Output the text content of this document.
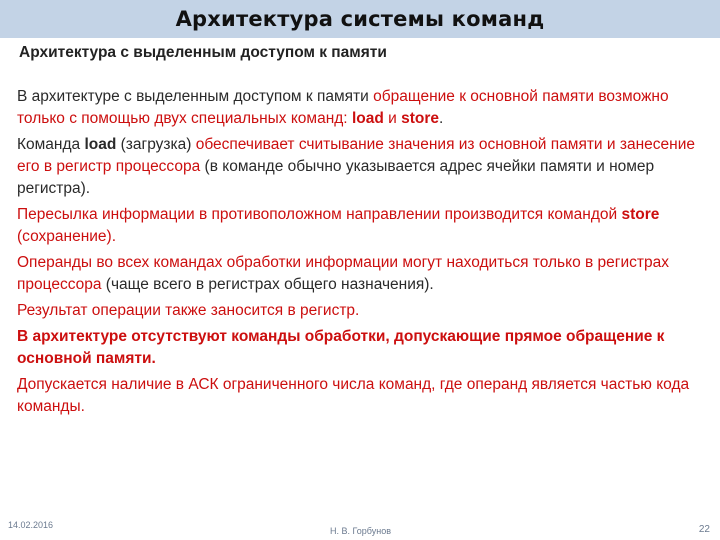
Архитектура системы команд
Архитектура с выделенным доступом к памяти

В архитектуре с выделенным доступом к памяти обращение к основной памяти возможно только с помощью двух специальных команд: load и store.

Команда load (загрузка) обеспечивает считывание значения из основной памяти и занесение его в регистр процессора (в команде обычно указывается адрес ячейки памяти и номер регистра).

Пересылка информации в противоположном направлении производится командой store (сохранение).

Операнды во всех командах обработки информации могут находиться только в регистрах процессора (чаще всего в регистрах общего назначения).

Результат операции также заносится в регистр.

В архитектуре отсутствуют команды обработки, допускающие прямое обращение к основной памяти.

Допускается наличие в АСК ограниченного числа команд, где операнд является частью кода команды.

14.02.2016
Н. В. Горбунов	22
